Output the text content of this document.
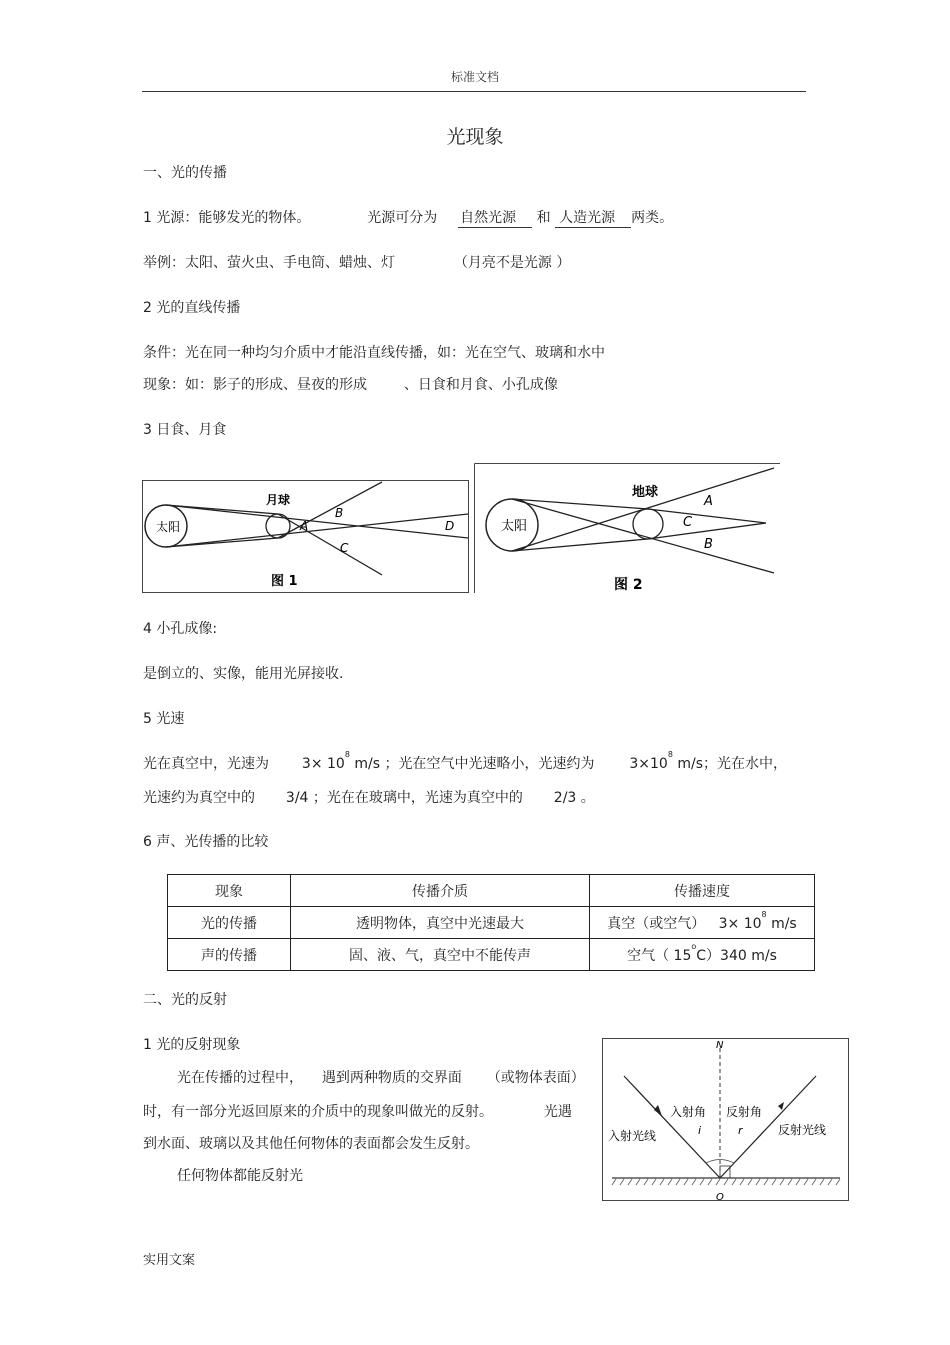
标准文档
光现象
一、光的传播
1 光源：能够发光的物体。	光源可分为 自然光源 和 人造光源 两类。
举例：太阳、萤火虫、手电筒、蜡烛、灯	（月亮不是光源 ）
2 光的直线传播
条件：光在同一种均匀介质中才能沿直线传播，如：光在空气、玻璃和水中
现象：如：影子的形成、昼夜的形成	、日食和月食、小孔成像
3 日食、月食
太阳
月球
A
B
C
D
图 1
太阳
地球
A
C
B
图 2
4 小孔成像:
是倒立的、实像，能用光屏接收.
5 光速
光在真空中，光速为 $3\times 10^8$ m/s ；光在空气中光速略小，光速约为 $3\times 10^8$ m/s；光在水中，
光速约为真空中的 3/4 ；光在在玻璃中，光速为真空中的 2/3 。
6 声、光传播的比较
现象	传播介质	传播速度
光的传播	透明物体，真空中光速最大	真空（或空气） $3\times 10^8$ m/s
声的传播	固、液、气，真空中不能传声	空气（ 15$^o$C）340 m/s
二、光的反射
1 光的反射现象
光在传播的过程中， 遇到两种物质的交界面 （或物体表面）
时，有一部分光返回原来的介质中的现象叫做光的反射。	光遇
到水面、玻璃以及其他任何物体的表面都会发生反射。
任何物体都能反射光
N
O
入射角 反射角
入射光线	反射光线
i	r
实用文案
